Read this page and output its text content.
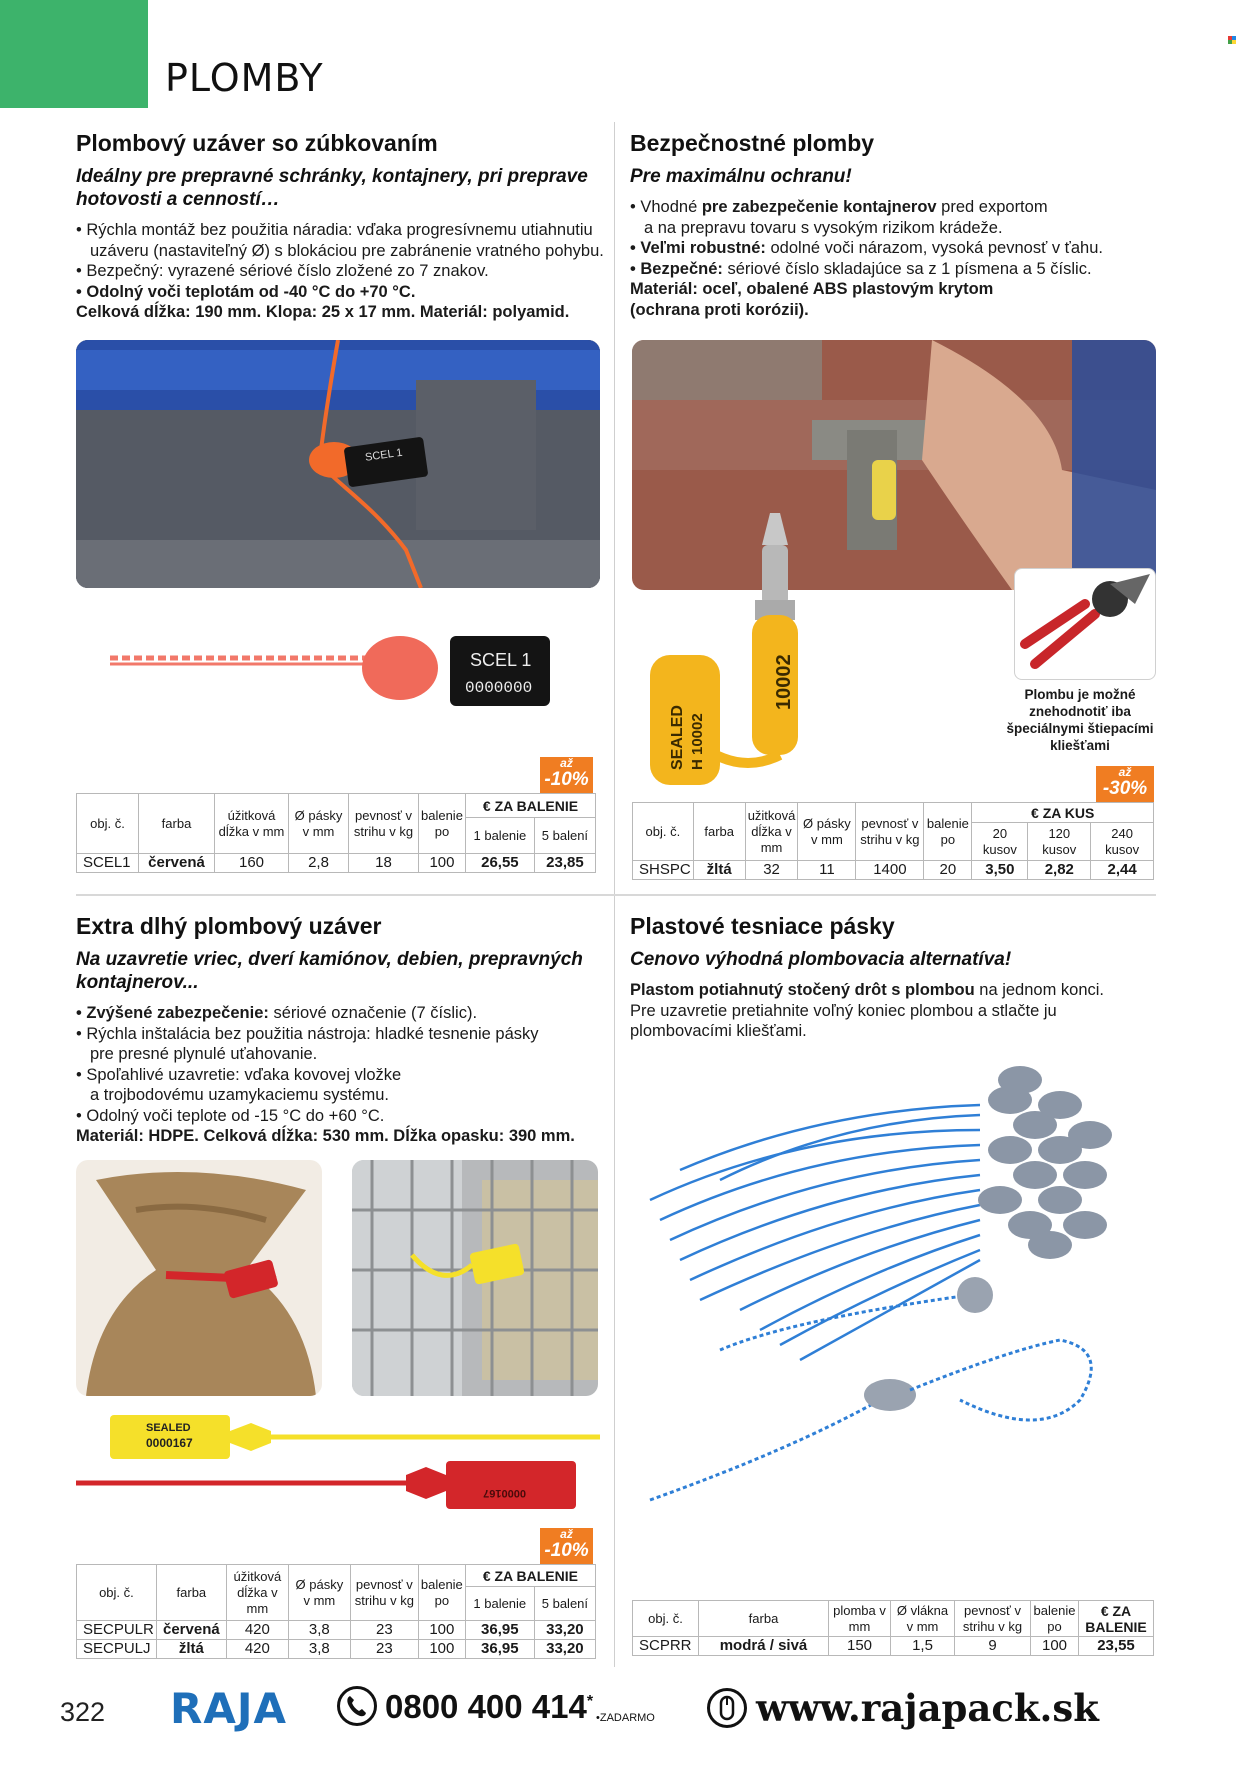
PLOMBY
Plombový uzáver so zúbkovaním
Ideálny pre prepravné schránky, kontajnery, pri preprave hotovosti a cenností…
• Rýchla montáž bez použitia náradia: vďaka progresívnemu utiahnutiu
uzáveru (nastaviteľný Ø) s blokáciou pre zabránenie vratného pohybu.
• Bezpečný: vyrazené sériové číslo zložené zo 7 znakov.
• Odolný voči teplotám od -40 °C do +70 °C.
Celková dĺžka: 190 mm. Klopa: 25 x 17 mm. Materiál: polyamid.
SCEL 1
SCEL 1
0000000
až
-10%
obj. č.	farba	úžitková dĺžka v mm	Ø pásky v mm	pevnosť v strihu v kg	balenie po	€ ZA BALENIE	
						1 balenie	5 balení
SCEL1	červená	160	2,8	18	100	26,55	23,85
Bezpečnostné plomby
Pre maximálnu ochranu!
• Vhodné pre zabezpečenie kontajnerov pred exportom
a na prepravu tovaru s vysokým rizikom krádeže.
• Veľmi robustné: odolné voči nárazom, vysoká pevnosť v ťahu.
• Bezpečné: sériové číslo skladajúce sa z 1 písmena a 5 číslic.
Materiál: oceľ, obalené ABS plastovým krytom
(ochrana proti korózii).
Plombu je možné znehodnotiť iba špeciálnymi štiepacími kliešťami
10002
SEALED H 10002
až
-30%
obj. č.	farba	užitková dĺžka v mm	Ø pásky v mm	pevnosť v strihu v kg	balenie po	€ ZA KUS		
						20 kusov	120 kusov	240 kusov
SHSPC	žltá	32	11	1400	20	3,50	2,82	2,44
Extra dlhý plombový uzáver
Na uzavretie vriec, dverí kamiónov, debien, prepravných kontajnerov...
• Zvýšené zabezpečenie: sériové označenie (7 číslic).
• Rýchla inštalácia bez použitia nástroja: hladké tesnenie pásky
pre presné plynulé uťahovanie.
• Spoľahlivé uzavretie: vďaka kovovej vložke
a trojbodovému uzamykaciemu systému.
• Odolný voči teplote od -15 °C do +60 °C.
Materiál: HDPE. Celková dĺžka: 530 mm. Dĺžka opasku: 390 mm.
SEALED
0000167
0000167
až
-10%
obj. č.	farba	úžitková dĺžka v mm	Ø pásky v mm	pevnosť v strihu v kg	balenie po	€ ZA BALENIE	
						1 balenie	5 balení
SECPULR	červená	420	3,8	23	100	36,95	33,20
SECPULJ	žltá	420	3,8	23	100	36,95	33,20
Plastové tesniace pásky
Cenovo výhodná plombovacia alternatíva!
Plastom potiahnutý stočený drôt s plombou na jednom konci.
Pre uzavretie pretiahnite voľný koniec plombou a stlačte ju
plombovacími kliešťami.
obj. č.	farba	plomba v mm	Ø vlákna v mm	pevnosť v strihu v kg	balenie po	€ ZA BALENIE
SCPRR	modrá / sivá	150	1,5	9	100	23,55
322 RAJA	0800 400 414*
•ZADARMO	www.rajapack.sk
